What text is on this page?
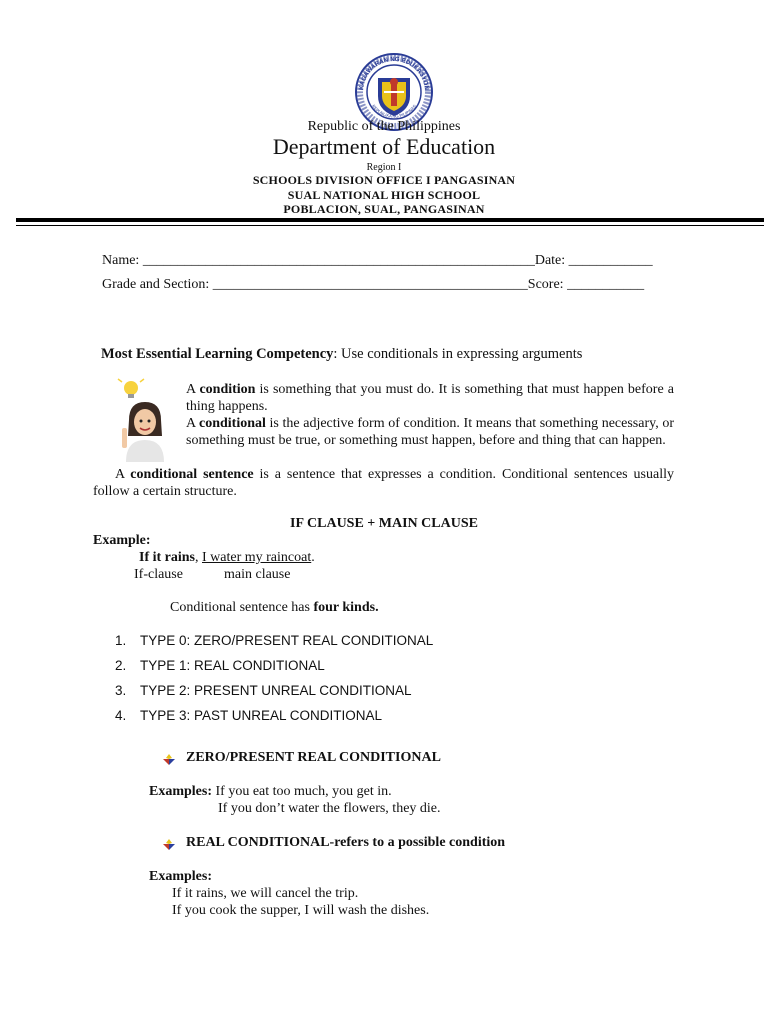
Republic of the Philippines
Department of Education
Region I
SCHOOLS DIVISION OFFICE I PANGASINAN
SUAL NATIONAL HIGH SCHOOL
POBLACION, SUAL, PANGASINAN
Name: ________________________________________________________Date: ____________
Grade and Section: _____________________________________________Score: ___________
Most Essential Learning Competency: Use conditionals in expressing arguments
A condition is something that you must do. It is something that must happen before a thing happens.
A conditional is the adjective form of condition. It means that something necessary, or something must be true, or something must happen, before and thing that can happen.
A conditional sentence is a sentence that expresses a condition. Conditional sentences usually follow a certain structure.
IF CLAUSE + MAIN CLAUSE
Example:
If it rains, I water my raincoat.
If-clause	main clause
Conditional sentence has four kinds.
1. TYPE 0: ZERO/PRESENT REAL CONDITIONAL
2. TYPE 1: REAL CONDITIONAL
3. TYPE 2: PRESENT UNREAL CONDITIONAL
4. TYPE 3: PAST UNREAL CONDITIONAL
ZERO/PRESENT REAL CONDITIONAL
Examples: If you eat too much, you get in.
If you don’t water the flowers, they die.
REAL CONDITIONAL-refers to a possible condition
Examples:
If it rains, we will cancel the trip.
If you cook the supper, I will wash the dishes.
KAGAWARAN NG EDUKASYON
REPUBLIKA NG PILIPINAS
